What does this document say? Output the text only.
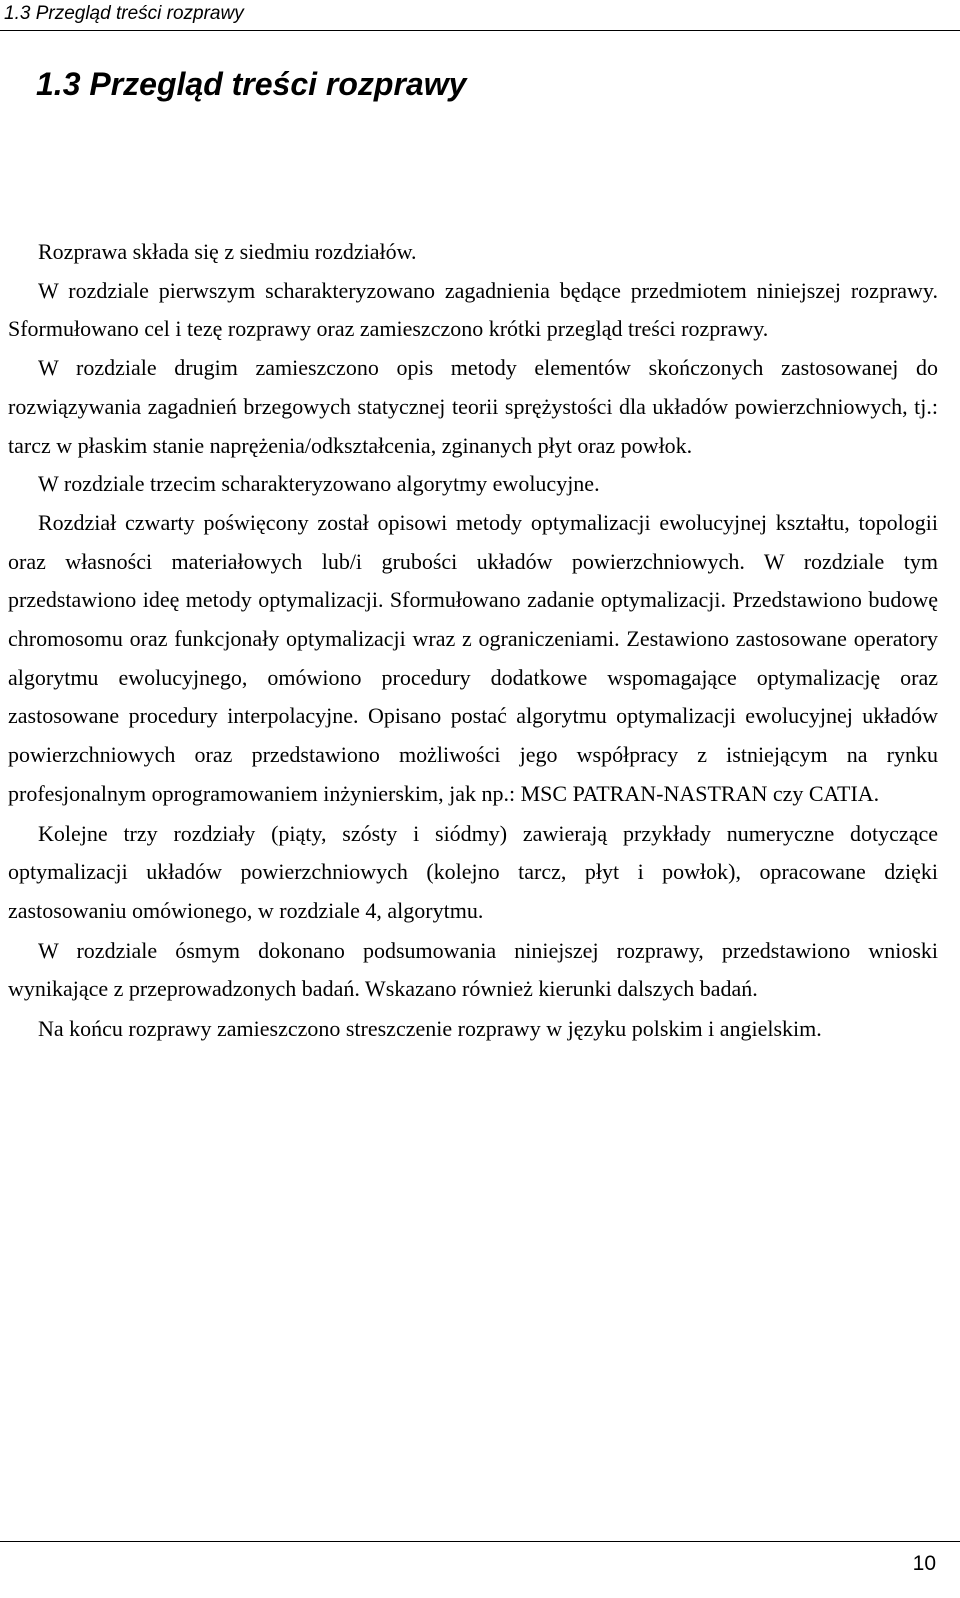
1.3 Przegląd treści rozprawy
1.3 Przegląd treści rozprawy

Rozprawa składa się z siedmiu rozdziałów.

W rozdziale pierwszym scharakteryzowano zagadnienia będące przedmiotem niniejszej rozprawy. Sformułowano cel i tezę rozprawy oraz zamieszczono krótki przegląd treści rozprawy.

W rozdziale drugim zamieszczono opis metody elementów skończonych zastosowanej do rozwiązywania zagadnień brzegowych statycznej teorii sprężystości dla układów powierzchniowych, tj.: tarcz w płaskim stanie naprężenia/odkształcenia, zginanych płyt oraz powłok.

W rozdziale trzecim scharakteryzowano algorytmy ewolucyjne.

Rozdział czwarty poświęcony został opisowi metody optymalizacji ewolucyjnej kształtu, topologii oraz własności materiałowych lub/i grubości układów powierzchniowych. W rozdziale tym przedstawiono ideę metody optymalizacji. Sformułowano zadanie optymalizacji. Przedstawiono budowę chromosomu oraz funkcjonały optymalizacji wraz z ograniczeniami. Zestawiono zastosowane operatory algorytmu ewolucyjnego, omówiono procedury dodatkowe wspomagające optymalizację oraz zastosowane procedury interpolacyjne. Opisano postać algorytmu optymalizacji ewolucyjnej układów powierzchniowych oraz przedstawiono możliwości jego współpracy z istniejącym na rynku profesjonalnym oprogramowaniem inżynierskim, jak np.: MSC PATRAN-NASTRAN czy CATIA.

Kolejne trzy rozdziały (piąty, szósty i siódmy) zawierają przykłady numeryczne dotyczące optymalizacji układów powierzchniowych (kolejno tarcz, płyt i powłok), opracowane dzięki zastosowaniu omówionego, w rozdziale 4, algorytmu.

W rozdziale ósmym dokonano podsumowania niniejszej rozprawy, przedstawiono wnioski wynikające z przeprowadzonych badań. Wskazano również kierunki dalszych badań.

Na końcu rozprawy zamieszczono streszczenie rozprawy w języku polskim i angielskim.

10
